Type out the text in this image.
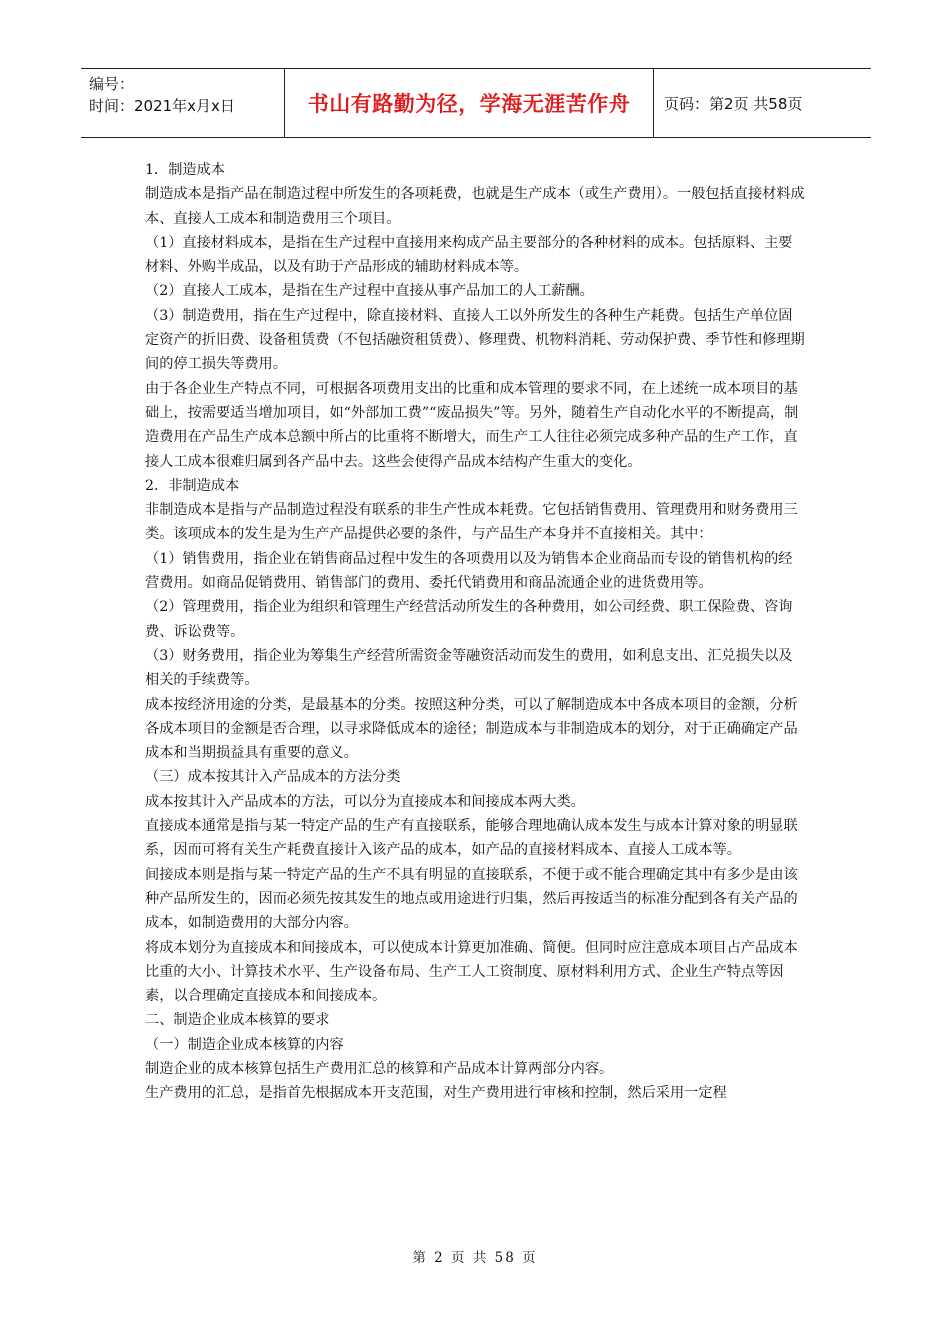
编号：
时间：2021年x月x日	书山有路勤为径，学海无涯苦作舟 页码：第2页 共58页

1．制造成本

制造成本是指产品在制造过程中所发生的各项耗费，也就是生产成本（或生产费用）。一般包括直接材料成本、直接人工成本和制造费用三个项目。

（1）直接材料成本，是指在生产过程中直接用来构成产品主要部分的各种材料的成本。包括原料、主要材料、外购半成品，以及有助于产品形成的辅助材料成本等。

（2）直接人工成本，是指在生产过程中直接从事产品加工的人工薪酬。

（3）制造费用，指在生产过程中，除直接材料、直接人工以外所发生的各种生产耗费。包括生产单位固定资产的折旧费、设备租赁费（不包括融资租赁费）、修理费、机物料消耗、劳动保护费、季节性和修理期间的停工损失等费用。

由于各企业生产特点不同，可根据各项费用支出的比重和成本管理的要求不同，在上述统一成本项目的基础上，按需要适当增加项目，如“外部加工费”“废品损失”等。另外，随着生产自动化水平的不断提高，制造费用在产品生产成本总额中所占的比重将不断增大，而生产工人往往必须完成多种产品的生产工作，直接人工成本很难归属到各产品中去。这些会使得产品成本结构产生重大的变化。

2．非制造成本

非制造成本是指与产品制造过程没有联系的非生产性成本耗费。它包括销售费用、管理费用和财务费用三类。该项成本的发生是为生产产品提供必要的条件，与产品生产本身并不直接相关。其中：

（1）销售费用，指企业在销售商品过程中发生的各项费用以及为销售本企业商品而专设的销售机构的经营费用。如商品促销费用、销售部门的费用、委托代销费用和商品流通企业的进货费用等。

（2）管理费用，指企业为组织和管理生产经营活动所发生的各种费用，如公司经费、职工保险费、咨询费、诉讼费等。

（3）财务费用，指企业为筹集生产经营所需资金等融资活动而发生的费用，如利息支出、汇兑损失以及相关的手续费等。

成本按经济用途的分类，是最基本的分类。按照这种分类，可以了解制造成本中各成本项目的金额，分析各成本项目的金额是否合理，以寻求降低成本的途径；制造成本与非制造成本的划分，对于正确确定产品成本和当期损益具有重要的意义。

（三）成本按其计入产品成本的方法分类

成本按其计入产品成本的方法，可以分为直接成本和间接成本两大类。

直接成本通常是指与某一特定产品的生产有直接联系，能够合理地确认成本发生与成本计算对象的明显联系，因而可将有关生产耗费直接计入该产品的成本，如产品的直接材料成本、直接人工成本等。

间接成本则是指与某一特定产品的生产不具有明显的直接联系，不便于或不能合理确定其中有多少是由该种产品所发生的，因而必须先按其发生的地点或用途进行归集，然后再按适当的标准分配到各有关产品的成本，如制造费用的大部分内容。

将成本划分为直接成本和间接成本，可以使成本计算更加准确、简便。但同时应注意成本项目占产品成本比重的大小、计算技术水平、生产设备布局、生产工人工资制度、原材料利用方式、企业生产特点等因素，以合理确定直接成本和间接成本。

二、制造企业成本核算的要求

（一）制造企业成本核算的内容

制造企业的成本核算包括生产费用汇总的核算和产品成本计算两部分内容。

生产费用的汇总，是指首先根据成本开支范围，对生产费用进行审核和控制，然后采用一定程

第 2 页 共 58 页
